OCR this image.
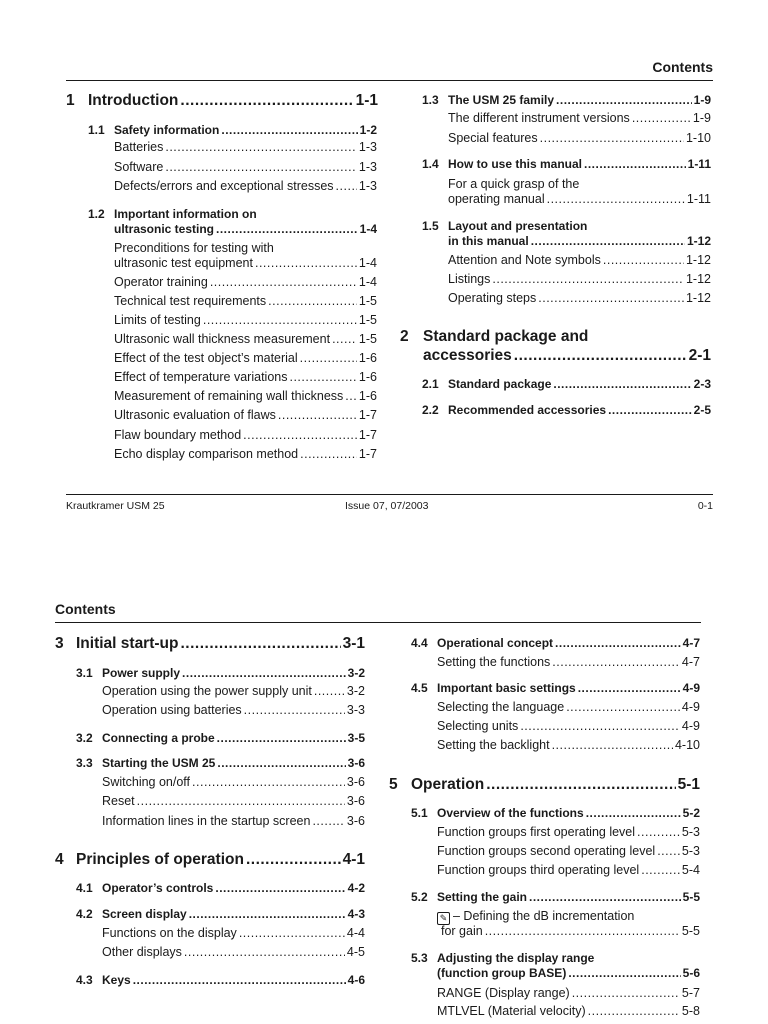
Contents
1 Introduction .....	1-1
1.1 Safety information .....	1-2
Batteries .....	1-3
Software .....	1-3
Defects/errors and exceptional stresses ..... 1-3
1.2 Important information on
ultrasonic testing .....	1-4
Preconditions for testing with
ultrasonic test equipment .....	1-4
Operator training .....	1-4
Technical test requirements .....	1-5
Limits of testing .....	1-5
Ultrasonic wall thickness measurement ..... 1-5
Effect of the test object’s material .....	1-6
Effect of temperature variations .....	1-6
Measurement of remaining wall thickness ..... 1-6
Ultrasonic evaluation of flaws .....	1-7
Flaw boundary method .....	1-7
Echo display comparison method .....	1-7
1.3 The USM 25 family .....	1-9
The different instrument versions .....	1-9
Special features .....	1-10
1.4 How to use this manual .....	1-11
For a quick grasp of the
operating manual .....	1-11
1.5 Layout and presentation
in this manual .....	1-12
Attention and Note symbols .....	1-12
Listings .....	1-12
Operating steps .....	1-12
2 Standard package and
accessories .....	2-1
2.1 Standard package .....	2-3
2.2 Recommended accessories .....	2-5
Krautkramer USM 25	Issue 07, 07/2003	0-1
Contents
3 Initial start-up .....	3-1
3.1 Power supply .....	3-2
Operation using the power supply unit .....	3-2
Operation using batteries .....	3-3
3.2 Connecting a probe .....	3-5
3.3 Starting the USM 25 .....	3-6
Switching on/off .....	3-6
Reset .....	3-6
Information lines in the startup screen .....	3-6
4 Principles of operation .....	4-1
4.1 Operator’s controls .....	4-2
4.2 Screen display .....	4-3
Functions on the display .....	4-4
Other displays .....	4-5
4.3 Keys .....	4-6
4.4 Operational concept .....	4-7
Setting the functions .....	4-7
4.5 Important basic settings .....	4-9
Selecting the language .....	4-9
Selecting units .....	4-9
Setting the backlight .....	4-10
5 Operation .....	5-1
5.1 Overview of the functions .....	5-2
Function groups first operating level .....	5-3
Function groups second operating level ..... 5-3
Function groups third operating level .....	5-4
5.2 Setting the gain .....	5-5
✎ – Defining the dB incrementation
for gain .....	5-5
5.3 Adjusting the display range
(function group BASE) .....	5-6
RANGE (Display range) .....	5-7
MTLVEL (Material velocity) .....	5-8
